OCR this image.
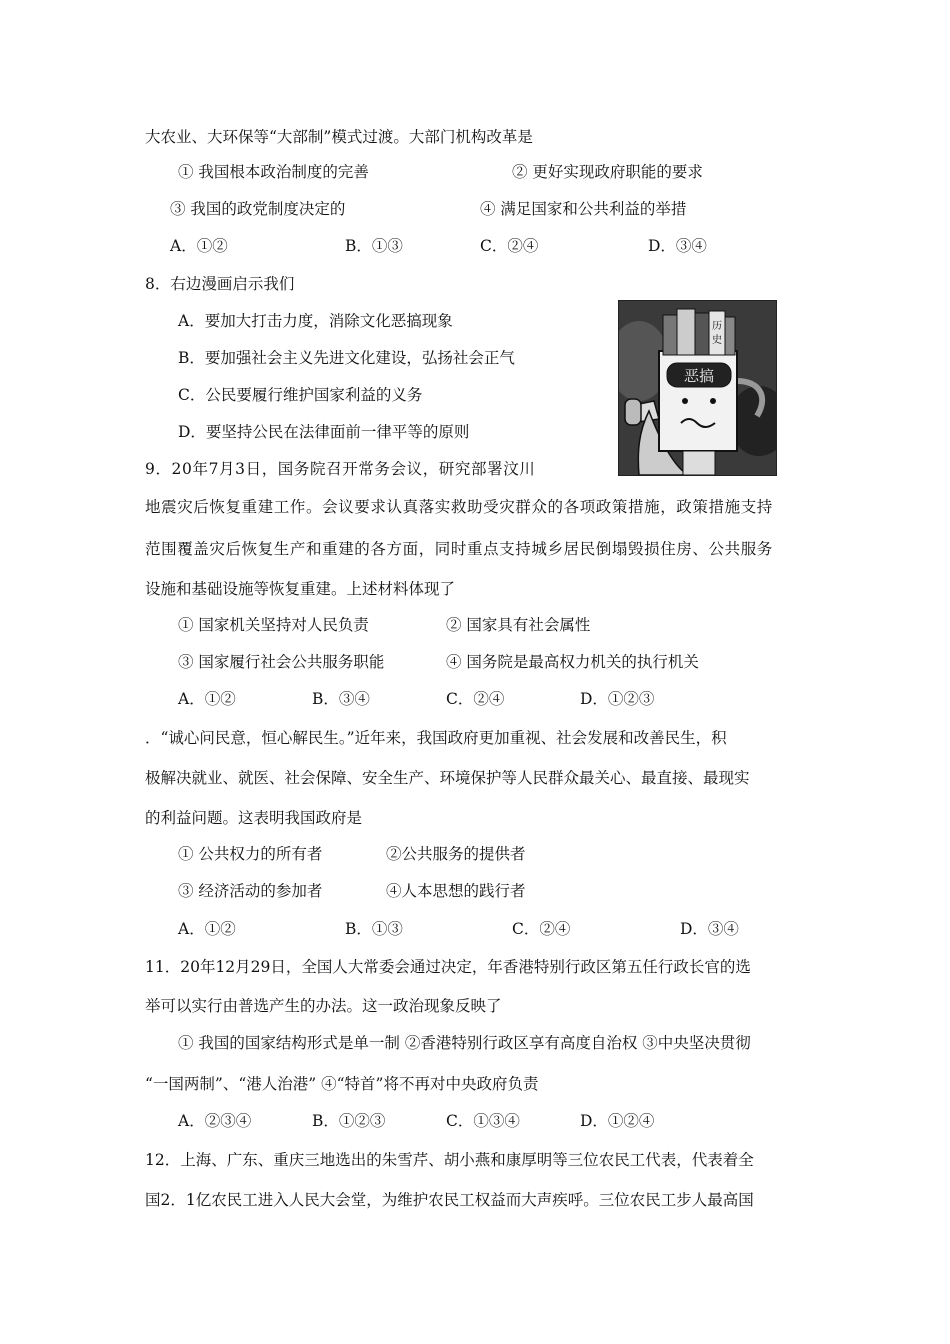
大农业、大环保等“大部制”模式过渡。大部门机构改革是
① 我国根本政治制度的完善	② 更好实现政府职能的要求
③ 我国的政党制度决定的	④ 满足国家和公共利益的举措
A．①②	B．①③	C．②④	D．③④
8．右边漫画启示我们
A．要加大打击力度，消除文化恶搞现象
B．要加强社会主义先进文化建设，弘扬社会正气
C．公民要履行维护国家利益的义务
D．要坚持公民在法律面前一律平等的原则
历
史
恶搞
9．20年7月3日，国务院召开常务会议，研究部署汶川
地震灾后恢复重建工作。会议要求认真落实救助受灾群众的各项政策措施，政策措施支持
范围覆盖灾后恢复生产和重建的各方面，同时重点支持城乡居民倒塌毁损住房、公共服务
设施和基础设施等恢复重建。上述材料体现了
① 国家机关坚持对人民负责	② 国家具有社会属性
③ 国家履行社会公共服务职能	④ 国务院是最高权力机关的执行机关
A．①②	B．③④	C．②④	D．①②③
．“诚心问民意，恒心解民生。”近年来，我国政府更加重视、社会发展和改善民生，积
极解决就业、就医、社会保障、安全生产、环境保护等人民群众最关心、最直接、最现实
的利益问题。这表明我国政府是
① 公共权力的所有者	②公共服务的提供者
③ 经济活动的参加者	④人本思想的践行者
A．①②	B．①③	C．②④	D．③④
11．20年12月29日，全国人大常委会通过决定，年香港特别行政区第五任行政长官的选
举可以实行由普选产生的办法。这一政治现象反映了
① 我国的国家结构形式是单一制 ②香港特别行政区享有高度自治权 ③中央坚决贯彻
“一国两制”、“港人治港” ④“特首”将不再对中央政府负责
A．②③④	B．①②③	C．①③④	D．①②④
12．上海、广东、重庆三地选出的朱雪芹、胡小燕和康厚明等三位农民工代表，代表着全
国2．1亿农民工进入人民大会堂，为维护农民工权益而大声疾呼。三位农民工步人最高国
